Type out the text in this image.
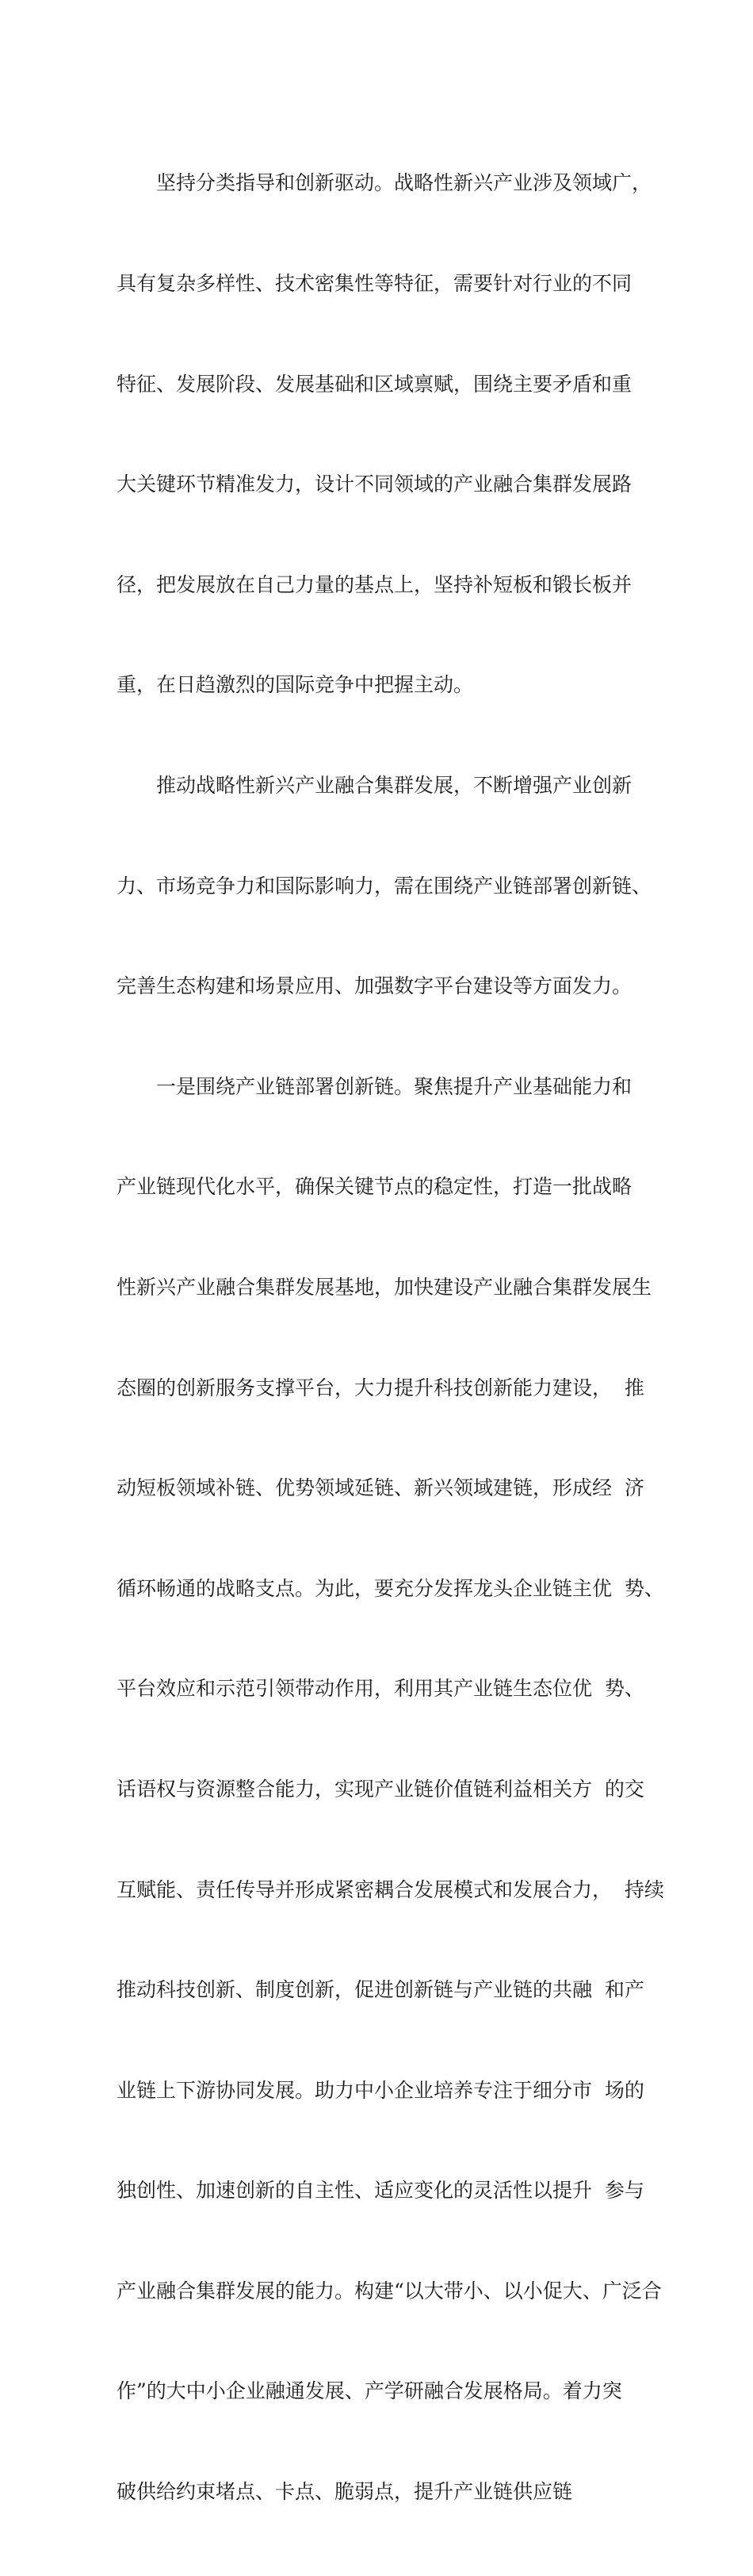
　　坚持分类指导和创新驱动。战略性新兴产业涉及领域广，

具有复杂多样性、技术密集性等特征，需要针对行业的不同

特征、发展阶段、发展基础和区域禀赋，围绕主要矛盾和重

大关键环节精准发力，设计不同领域的产业融合集群发展路

径，把发展放在自己力量的基点上，坚持补短板和锻长板并

重，在日趋激烈的国际竞争中把握主动。

　　推动战略性新兴产业融合集群发展，不断增强产业创新

力、市场竞争力和国际影响力，需在围绕产业链部署创新链、

完善生态构建和场景应用、加强数字平台建设等方面发力。

　　一是围绕产业链部署创新链。聚焦提升产业基础能力和

产业链现代化水平，确保关键节点的稳定性，打造一批战略

性新兴产业融合集群发展基地，加快建设产业融合集群发展生

态圈的创新服务支撑平台，大力提升科技创新能力建设，  推

动短板领域补链、优势领域延链、新兴领域建链，形成经  济

循环畅通的战略支点。为此，要充分发挥龙头企业链主优  势、

平台效应和示范引领带动作用，利用其产业链生态位优  势、

话语权与资源整合能力，实现产业链价值链利益相关方  的交

互赋能、责任传导并形成紧密耦合发展模式和发展合力，  持续

推动科技创新、制度创新，促进创新链与产业链的共融  和产

业链上下游协同发展。助力中小企业培养专注于细分市  场的

独创性、加速创新的自主性、适应变化的灵活性以提升  参与

产业融合集群发展的能力。构建“以大带小、以小促大、广泛合

作”的大中小企业融通发展、产学研融合发展格局。着力突

破供给约束堵点、卡点、脆弱点，提升产业链供应链
